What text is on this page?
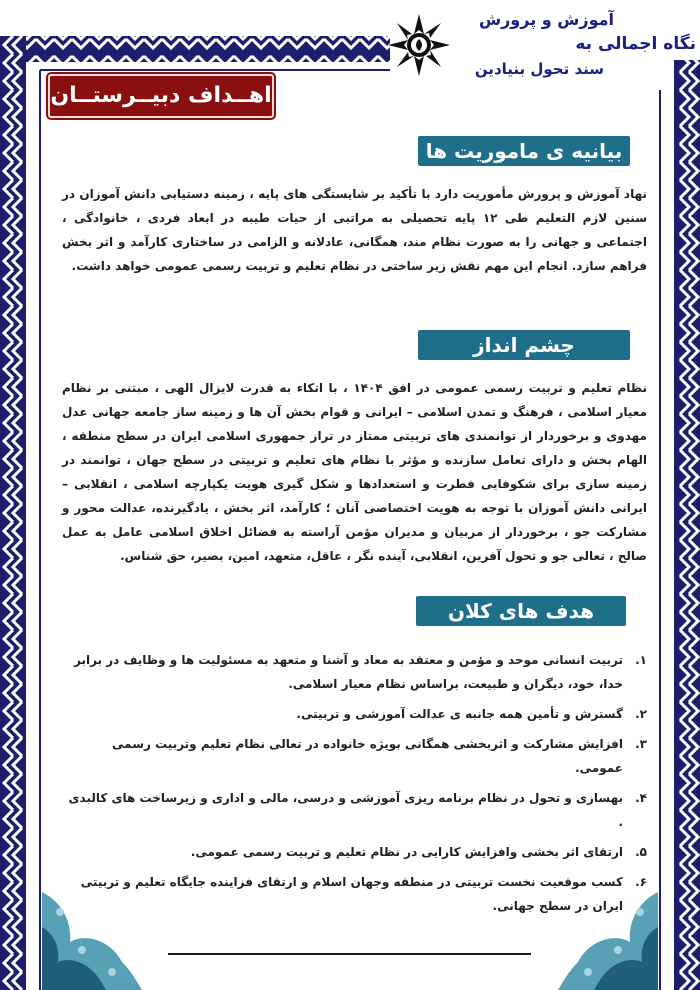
آموزش و پرورش
نگاه اجمالی به
سند تحول بنیادین
اهــداف دبیــرستــان
بیانیه ی ماموریت ها
نهاد آموزش و پرورش مأموریت دارد با تأکید بر شایستگی های پایه ، زمینه دستیابی دانش آموزان در سنین لازم التعلیم طی ۱۲ پایه تحصیلی به مراتبی از حیات طیبه در ابعاد فردی ، خانوادگی ، اجتماعی و جهانی را به صورت نظام مند، همگانی، عادلانه و الزامی در ساختاری کارآمد و اثر بخش فراهم سازد. انجام این مهم نقش زیر ساختی در نظام تعلیم و تربیت رسمی عمومی خواهد داشت.
چشم انداز
نظام تعلیم و تربیت رسمی عمومی در افق ۱۴۰۴ ، با اتکاء به قدرت لایزال الهی ، مبتنی بر نظام معیار اسلامی ، فرهنگ و تمدن اسلامی – ایرانی و قوام بخش آن ها و زمینه ساز جامعه جهانی عدل مهدوی و برخوردار از توانمندی های تربیتی ممتاز در تراز جمهوری اسلامی ایران در سطح منطقه ، الهام بخش و دارای تعامل سازنده و مؤثر با نظام های تعلیم و تربیتی در سطح جهان ، توانمند در زمینه سازی برای شکوفایی فطرت و استعدادها و شکل گیری هویت یکپارچه اسلامی ، انقلابی – ایرانی دانش آموزان با توجه به هویت اختصاصی آنان ؛ کارآمد، اثر بخش ، یادگیرنده، عدالت محور و مشارکت جو ، برخوردار از مربیان و مدیران مؤمن آراسته به فضائل اخلاق اسلامی عامل به عمل صالح ، تعالی جو و تحول آفرین، انقلابی، آینده نگر ، عاقل، متعهد، امین، بصیر، حق شناس.
هدف های کلان
۱.
تربیت انسانی موحد و مؤمن و معتقد به معاد و آشنا و متعهد به مسئولیت ها و وظایف در برابر خدا، خود، دیگران و طبیعت، براساس نظام معیار اسلامی.
۲.
گسترش و تأمین همه جانبه ی عدالت آموزشی و تربیتی.
۳.
افزایش مشارکت و اثربخشی همگانی بویژه خانواده در تعالی نظام تعلیم وتربیت رسمی عمومی.
۴.
بهسازی و تحول در نظام برنامه ریزی آموزشی و درسی، مالی و اداری و زیرساخت های کالبدی .
۵.
ارتقای اثر بخشی وافزایش کارایی در نظام تعلیم و تربیت رسمی عمومی.
۶.
کسب موقعیت نخست تربیتی در منطقه وجهان اسلام و ارتقای فزاینده جایگاه تعلیم و تربیتی ایران در سطح جهانی.
